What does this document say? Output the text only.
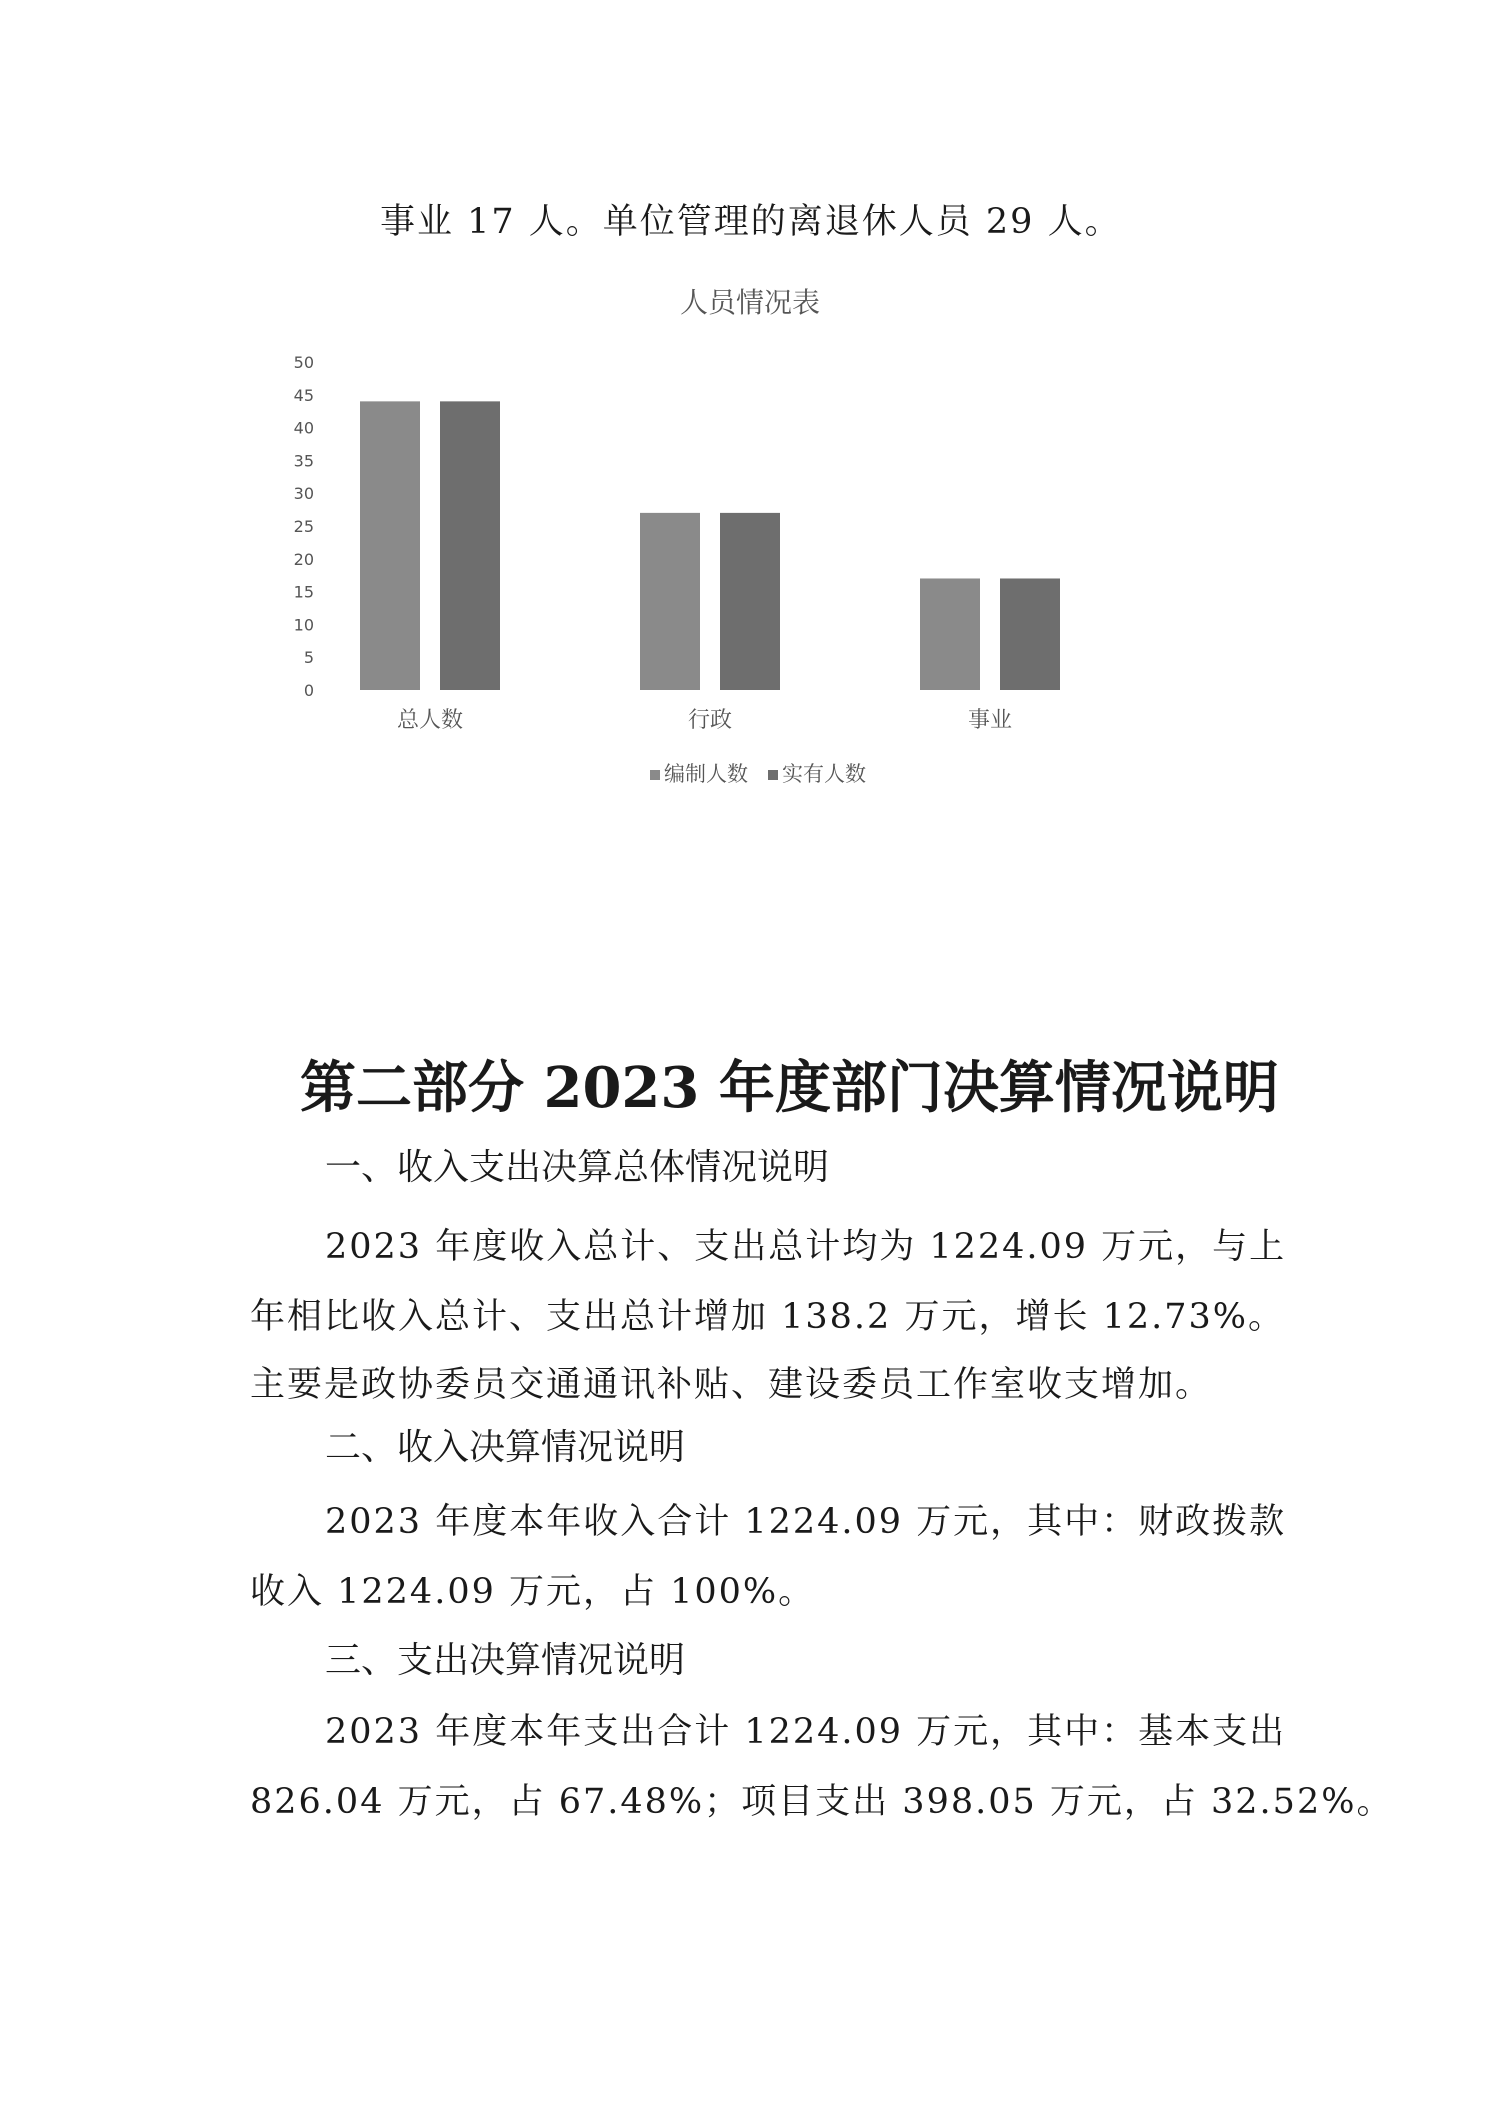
事业 17 人。单位管理的离退休人员 29 人。
人员情况表
0
5
10
15
20
25
30
35
40
45
50
总人数	行政	事业
编制人数 实有人数
第二部分 2023 年度部门决算情况说明
一、收入支出决算总体情况说明
2023 年度收入总计、支出总计均为 1224.09 万元，与上
年相比收入总计、支出总计增加 138.2 万元，增长 12.73%。
主要是政协委员交通通讯补贴、建设委员工作室收支增加。
二、收入决算情况说明
2023 年度本年收入合计 1224.09 万元，其中：财政拨款
收入 1224.09 万元，占 100%。
三、支出决算情况说明
2023 年度本年支出合计 1224.09 万元，其中：基本支出
826.04 万元，占 67.48%；项目支出 398.05 万元，占 32.52%。
